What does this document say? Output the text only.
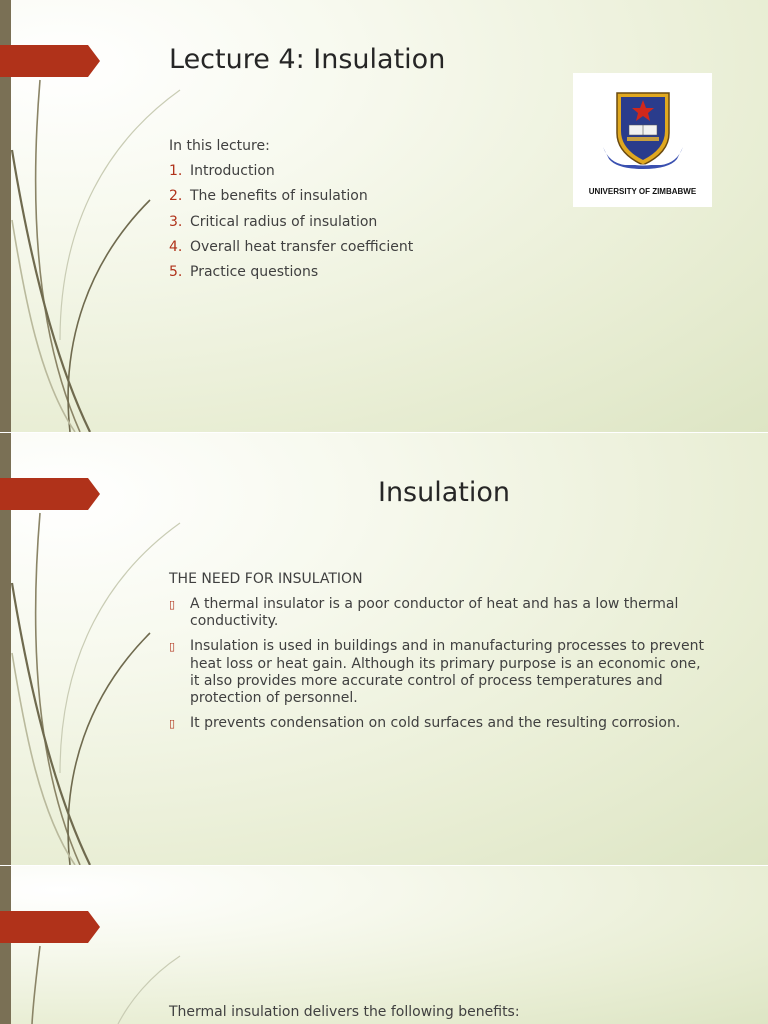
Lecture 4: Insulation
In this lecture:
1. Introduction
2. The benefits of insulation
3. Critical radius of insulation
4. Overall heat transfer coefficient
5. Practice questions
UNIVERSITY OF ZIMBABWE
Insulation
THE NEED FOR INSULATION
▯ A thermal insulator is a poor conductor of heat and has a low thermal conductivity.
▯ Insulation is used in buildings and in manufacturing processes to prevent heat loss or heat gain. Although its primary purpose is an economic one, it also provides more accurate control of process temperatures and protection of personnel.
▯ It prevents condensation on cold surfaces and the resulting corrosion.
Thermal insulation delivers the following benefits:
